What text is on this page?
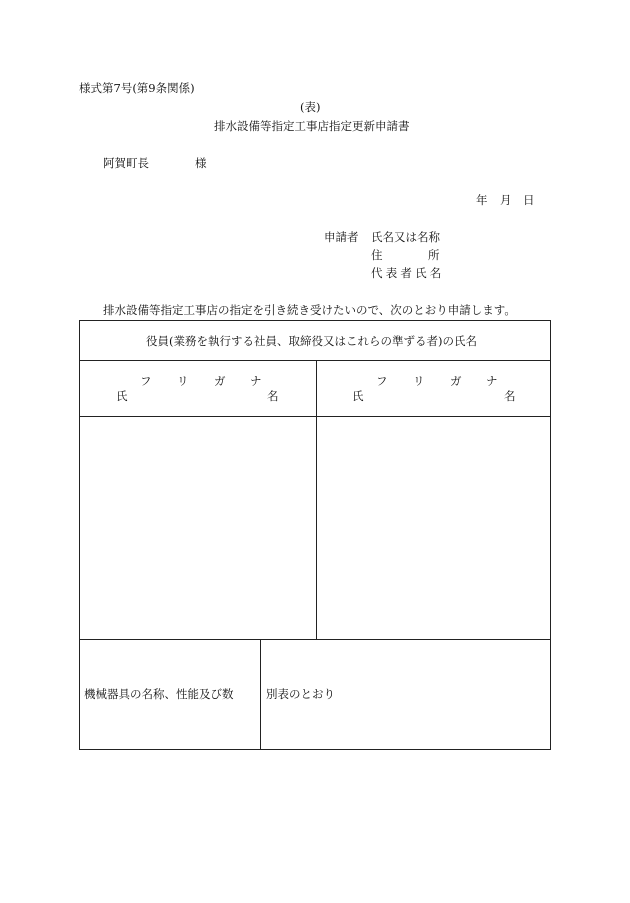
様式第7号(第9条関係)
(表)
排水設備等指定工事店指定更新申請書
阿賀町長	様
年 月 日
申請者 氏名又は名称
住	所
代表者氏名
排水設備等指定工事店の指定を引き続き受けたいので、次のとおり申請します。
役員(業務を執行する社員、取締役又はこれらの準ずる者)の氏名
フ リ ガ ナ
氏	名
フ リ ガ ナ
氏	名
機械器具の名称、性能及び数	別表のとおり
